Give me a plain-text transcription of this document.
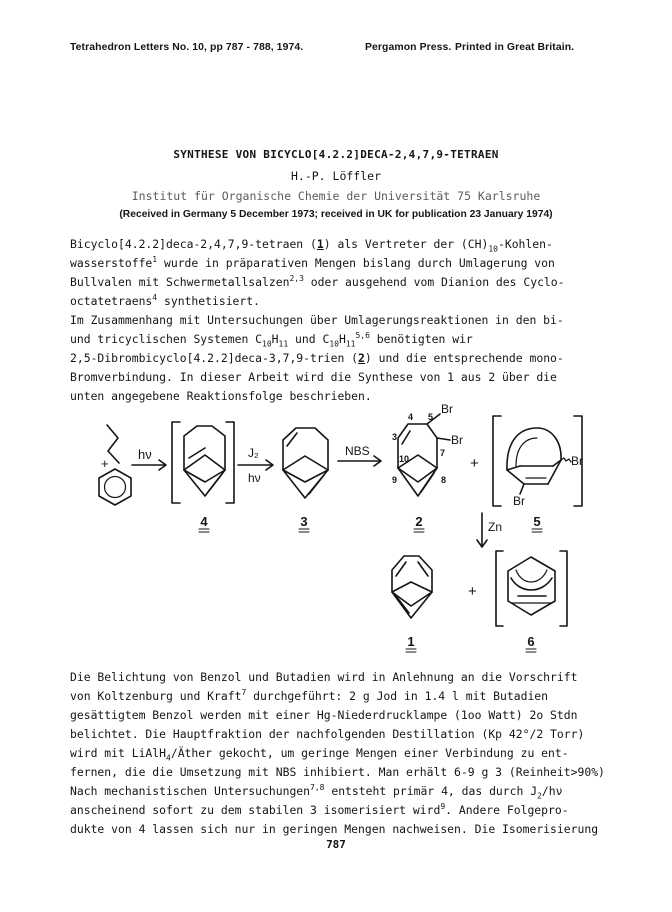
Tetrahedron Letters No. 10, pp 787 - 788, 1974.	Pergamon Press. Printed in Great Britain.
SYNTHESE VON BICYCLO[4.2.2]DECA-2,4,7,9-TETRAEN
H.-P. Löffler
Institut für Organische Chemie der Universität 75 Karlsruhe
(Received in Germany 5 December 1973; received in UK for publication 23 January 1974)
Bicyclo[4.2.2]deca-2,4,7,9-tetraen (1) als Vertreter der $(CH)_{10}-Kohlen-$
wasserstoffe$^1$ wurde in präparativen Mengen bislang durch Umlagerung von
Bullvalen mit Schwermetallsalzen$^{2,3}$ oder ausgehend vom Dianion des Cyclo-
octatetraens$^4$ synthetisiert.
Im Zusammenhang mit Untersuchungen über Umlagerungsreaktionen in den bi-
und tricyclischen Systemen $C_{10}H_{11}$ und $C_{10}H_{11}^{5,6}$ benötigten wir
2,5-Dibrombicyclo[4.2.2]deca-3,7,9-trien (2) und die entsprechende mono-
Bromverbindung. In dieser Arbeit wird die Synthese von 1 aus 2 über die
unten angegebene Reaktionsfolge beschrieben.
+
hν	J₂
hν
NBS
Br
Br
4 5
3
10
9
7
8
+	Br
Br
Zn
+
4	3	2	5
1	6
Die Belichtung von Benzol und Butadien wird in Anlehnung an die Vorschrift
von Koltzenburg und Kraft$^7$ durchgeführt: 2 g Jod in 1.4 l mit Butadien
gesättigtem Benzol werden mit einer Hg-Niederdrucklampe (1oo Watt) 2o Stdn
belichtet. Die Hauptfraktion der nachfolgenden Destillation (Kp 42°/2 Torr)
wird mit LiAlH$_4$/Äther gekocht, um geringe Mengen einer Verbindung zu ent-
fernen, die die Umsetzung mit NBS inhibiert. Man erhält 6-9 g 3 (Reinheit>90%)
Nach mechanistischen Untersuchungen$^{7,8}$ entsteht primär 4, das durch $J_2/h\nu$
anscheinend sofort zu dem stabilen 3 isomerisiert wird$^9$. Andere Folgepro-
dukte von 4 lassen sich nur in geringen Mengen nachweisen. Die Isomerisierung
787
